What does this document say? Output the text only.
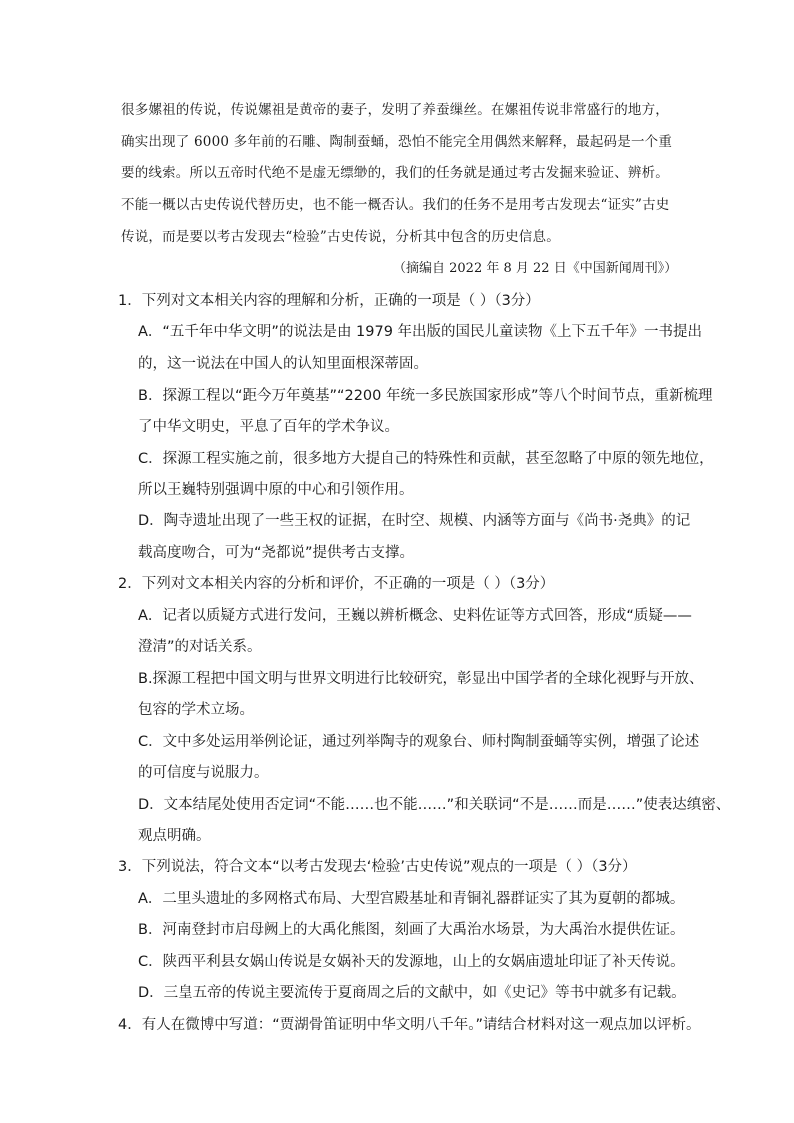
很多嫘祖的传说，传说嫘祖是黄帝的妻子，发明了养蚕缫丝。在嫘祖传说非常盛行的地方，
确实出现了 6000 多年前的石雕、陶制蚕蛹，恐怕不能完全用偶然来解释，最起码是一个重
要的线索。所以五帝时代绝不是虚无缥缈的，我们的任务就是通过考古发掘来验证、辨析。
不能一概以古史传说代替历史，也不能一概否认。我们的任务不是用考古发现去“证实”古史
传说，而是要以考古发现去“检验”古史传说，分析其中包含的历史信息。
（摘编自 2022 年 8 月 22 日《中国新闻周刊》）
1．下列对文本相关内容的理解和分析，正确的一项是（ ）（3分）
A．“五千年中华文明”的说法是由 1979 年出版的国民儿童读物《上下五千年》一书提出
的，这一说法在中国人的认知里面根深蒂固。
B．探源工程以“距今万年奠基”“2200 年统一多民族国家形成”等八个时间节点，重新梳理
了中华文明史，平息了百年的学术争议。
C．探源工程实施之前，很多地方大提自己的特殊性和贡献，甚至忽略了中原的领先地位，
所以王巍特别强调中原的中心和引领作用。
D．陶寺遗址出现了一些王权的证据，在时空、规模、内涵等方面与《尚书·尧典》的记
载高度吻合，可为“尧都说”提供考古支撑。
2．下列对文本相关内容的分析和评价，不正确的一项是（ ）（3分）
A．记者以质疑方式进行发问，王巍以辨析概念、史料佐证等方式回答，形成“质疑——
澄清”的对话关系。
B.探源工程把中国文明与世界文明进行比较研究，彰显出中国学者的全球化视野与开放、
包容的学术立场。
C．文中多处运用举例论证，通过列举陶寺的观象台、师村陶制蚕蛹等实例，增强了论述
的可信度与说服力。
D．文本结尾处使用否定词“不能……也不能……”和关联词“不是……而是……”使表达缜密、
观点明确。
3．下列说法，符合文本“以考古发现去‘检验’古史传说”观点的一项是（ ）（3分）
A．二里头遗址的多网格式布局、大型宫殿基址和青铜礼器群证实了其为夏朝的都城。
B．河南登封市启母阙上的大禹化熊图，刻画了大禹治水场景，为大禹治水提供佐证。
C．陕西平利县女娲山传说是女娲补天的发源地，山上的女娲庙遗址印证了补天传说。
D．三皇五帝的传说主要流传于夏商周之后的文献中，如《史记》等书中就多有记载。
4．有人在微博中写道：“贾湖骨笛证明中华文明八千年。”请结合材料对这一观点加以评析。
